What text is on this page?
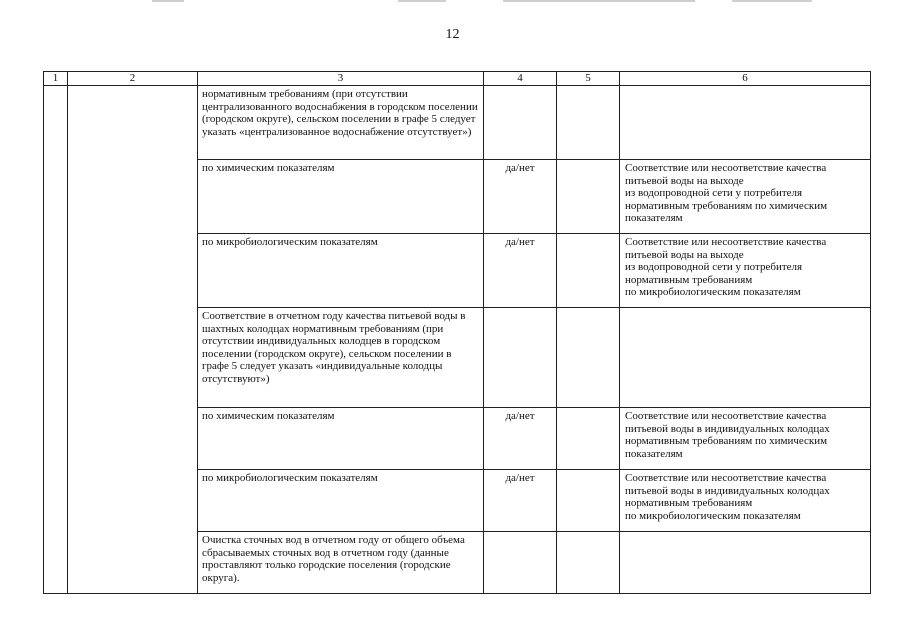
12
1	2	3	4	5	6
		нормативным требованиям (при отсутствии централизованного водоснабжения в городском поселении (городском округе), сельском поселении в графе 5 следует указать «централизованное водоснабжение отсутствует»)			
		по химическим показателям	да/нет		Соответствие или несоответствие качества питьевой воды на выходе
из водопроводной сети у потребителя нормативным требованиям по химическим показателям
		по микробиологическим показателям	да/нет		Соответствие или несоответствие качества питьевой воды на выходе
из водопроводной сети у потребителя нормативным требованиям
по микробиологическим показателям
		Соответствие в отчетном году качества питьевой воды в шахтных колодцах нормативным требованиям (при отсутствии индивидуальных колодцев в городском поселении (городском округе), сельском поселении в графе 5 следует указать «индивидуальные колодцы отсутствуют»)			
		по химическим показателям	да/нет		Соответствие или несоответствие качества питьевой воды в индивидуальных колодцах нормативным требованиям по химическим показателям
		по микробиологическим показателям	да/нет		Соответствие или несоответствие качества питьевой воды в индивидуальных колодцах нормативным требованиям
по микробиологическим показателям
		Очистка сточных вод в отчетном году от общего объема сбрасываемых сточных вод в отчетном году (данные проставляют только городские поселения (городские округа).			
